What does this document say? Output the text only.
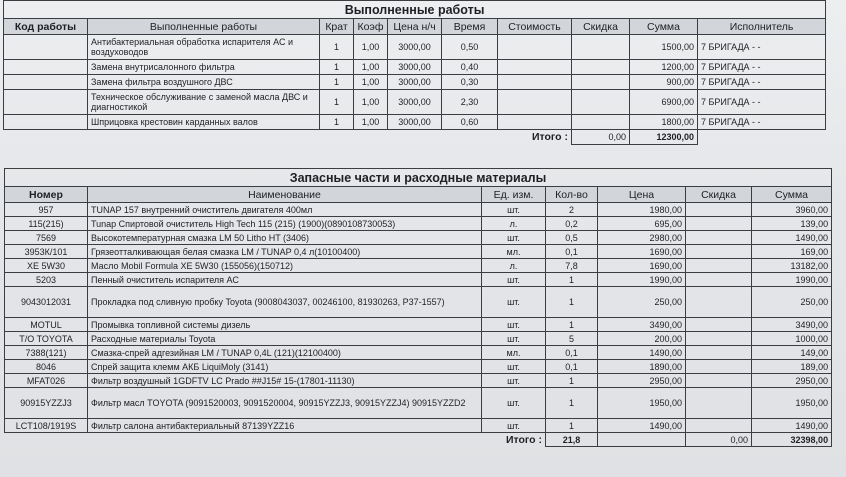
Выполненные работы									
Код работы	Выполненные работы	Крат	Коэф	Цена н/ч	Время	Стоимость	Скидка	Сумма	Исполнитель
	Антибактериальная обработка испарителя АС и воздуховодов	1	1,00	3000,00	0,50			1500,00	7 БРИГАДА - -
	Замена внутрисалонного фильтра	1	1,00	3000,00	0,40			1200,00	7 БРИГАДА - -
	Замена фильтра воздушного ДВС	1	1,00	3000,00	0,30			900,00	7 БРИГАДА - -
	Техническое обслуживание с заменой масла ДВС и диагностикой	1	1,00	3000,00	2,30			6900,00	7 БРИГАДА - -
	Шприцовка крестовин карданных валов	1	1,00	3000,00	0,60			1800,00	7 БРИГАДА - -
						Итого :	0,00	12300,00	
Запасные части и расходные материалы						
Номер	Наименование	Ед. изм.	Кол-во	Цена	Скидка	Сумма
957	TUNAP 157 внутренний очиститель двигателя 400мл	шт.	2	1980,00		3960,00
115(215)	Tunap Спиртовой очиститель High Tech 115 (215) (1900)(0890108730053)	л.	0,2	695,00		139,00
7569	Высокотемпературная смазка LM 50 Litho HT (3406)	шт.	0,5	2980,00		1490,00
3953К/101	Грязеотталкивающая белая смазка LM / TUNAP 0,4 л(10100400)	мл.	0,1	1690,00		169,00
XE 5W30	Масло Mobil Formula XE 5W30 (155056)(150712)	л.	7,8	1690,00		13182,00
5203	Пенный очиститель испарителя АС	шт.	1	1990,00		1990,00
9043012031	Прокладка под сливную пробку Toyota (9008043037, 00246100, 81930263, P37-1557)	шт.	1	250,00		250,00
MOTUL	Промывка топливной системы дизель	шт.	1	3490,00		3490,00
T/O TOYOTA	Расходные материалы Toyota	шт.	5	200,00		1000,00
7388(121)	Смазка-спрей адгезийная LM / TUNAP 0,4L (121)(12100400)	мл.	0,1	1490,00		149,00
8046	Спрей защита клемм АКБ LiquiMoly (3141)	шт.	0,1	1890,00		189,00
MFAT026	Фильтр воздушный 1GDFTV LC Prado ##J15# 15-(17801-11130)	шт.	1	2950,00		2950,00
90915YZZJ3	Фильтр масл TOYOTA (9091520003, 9091520004, 90915YZZJ3, 90915YZZJ4) 90915YZZD2	шт.	1	1950,00		1950,00
LCT108/1919S	Фильтр салона антибактериальный 87139YZZ16	шт.	1	1490,00		1490,00
		Итого :	21,8		0,00	32398,00
